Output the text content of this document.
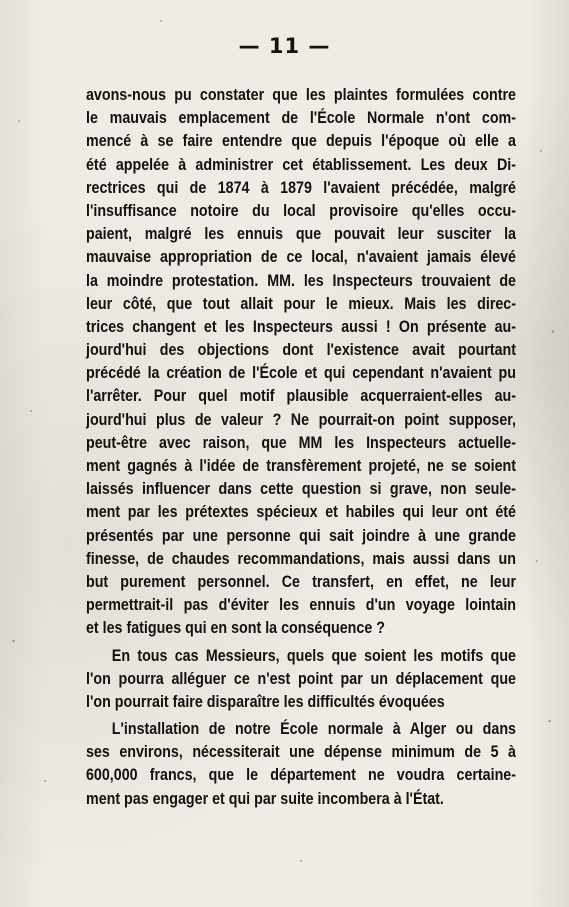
— 11 —
avons-nous pu constater que les plaintes formulées contre
le mauvais emplacement de l'École Normale n'ont com-
mencé à se faire entendre que depuis l'époque où elle a
été appelée à administrer cet établissement. Les deux Di-
rectrices qui de 1874 à 1879 l'avaient précédée, malgré
l'insuffisance notoire du local provisoire qu'elles occu-
paient, malgré les ennuis que pouvait leur susciter la
mauvaise appropriation de ce local, n'avaient jamais élevé
la moindre protestation. MM. les Inspecteurs trouvaient de
leur côté, que tout allait pour le mieux. Mais les direc-
trices changent et les Inspecteurs aussi ! On présente au-
jourd'hui des objections dont l'existence avait pourtant
précédé la création de l'École et qui cependant n'avaient pu
l'arrêter. Pour quel motif plausible acquerraient-elles au-
jourd'hui plus de valeur ? Ne pourrait-on point supposer,
peut-être avec raison, que MM les Inspecteurs actuelle-
ment gagnés à l'idée de transfèrement projeté, ne se soient
laissés influencer dans cette question si grave, non seule-
ment par les prétextes spécieux et habiles qui leur ont été
présentés par une personne qui sait joindre à une grande
finesse, de chaudes recommandations, mais aussi dans un
but purement personnel. Ce transfert, en effet, ne leur
permettrait-il pas d'éviter les ennuis d'un voyage lointain
et les fatigues qui en sont la conséquence ?
En tous cas Messieurs, quels que soient les motifs que
l'on pourra alléguer ce n'est point par un déplacement que
l'on pourrait faire disparaître les difficultés évoquées
L'installation de notre École normale à Alger ou dans
ses environs, nécessiterait une dépense minimum de 5 à
600,000 francs, que le département ne voudra certaine-
ment pas engager et qui par suite incombera à l'État.
